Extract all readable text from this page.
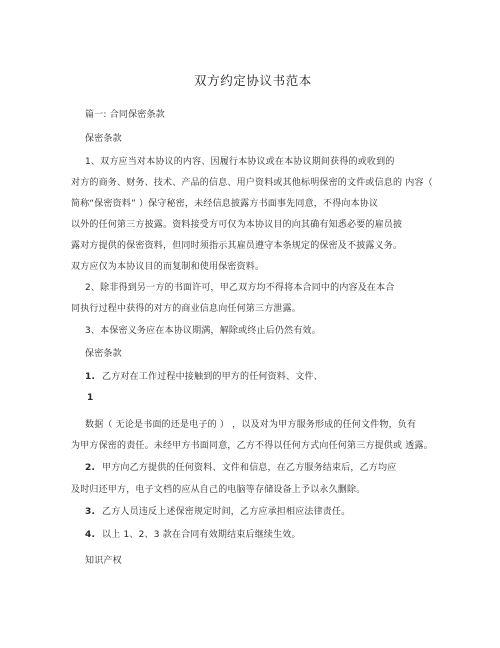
双方约定协议书范本
篇一: 合同保密条款
保密条款
1、双方应当对本协议的内容、因履行本协议或在本协议期间获得的或收到的
对方的商务、财务、技术、产品的信息、用户资料或其他标明保密的文件或信息的 内容（
简称“保密资料” ）保守秘密，未经信息披露方书面事先同意，不得向本协议
以外的任何第三方披露。资料接受方可仅为本协议目的向其确有知悉必要的雇员披
露对方提供的保密资料，但同时须指示其雇员遵守本条规定的保密及不披露义务。
双方应仅为本协议目的而复制和使用保密资料。
2、除非得到另一方的书面许可，甲乙双方均不得将本合同中的内容及在本合
同执行过程中获得的对方的商业信息向任何第三方泄露。
3、本保密义务应在本协议期满，解除或终止后仍然有效。
保密条款
1. 乙方对在工作过程中接触到的甲方的任何资料、文件、
1
数据（ 无论是书面的还是电子的 ） ，以及对为甲方服务形成的任何文件物，负有
为甲方保密的责任。未经甲方书面同意，乙方不得以任何方式向任何第三方提供或 透露。
2. 甲方向乙方提供的任何资料、文件和信息，在乙方服务结束后，乙方均应
及时归还甲方，电子文档的应从自己的电脑等存储设备上予以永久删除。
3. 乙方人员违反上述保密规定时间，乙方应承担相应法律责任。
4. 以上 1、2、3 款在合同有效期结束后继续生效。
知识产权
